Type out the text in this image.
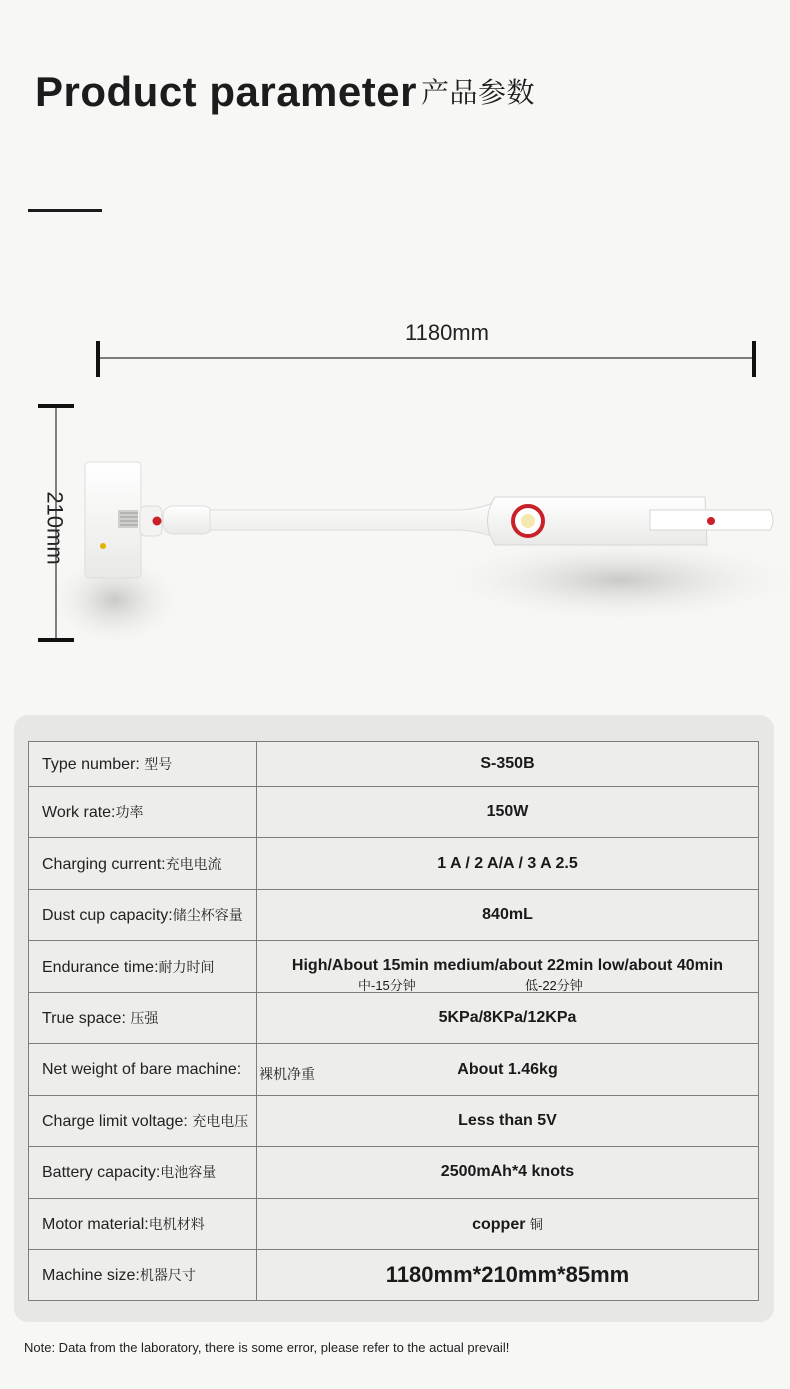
Product parameter 产品参数
1180mm
210mm
Type number: 型号	S-350B
Work rate:功率	150W
Charging current:充电电流	1 A / 2 A/A / 3 A 2.5
Dust cup capacity:储尘杯容量	840mL
Endurance time:耐力时间	High/About 15min medium/about 22min low/about 40min
中-15分钟 低-22分钟

True space: 压强	5KPa/8KPa/12KPa
Net weight of bare machine:	裸机净重 About 1.46kg
Charge limit voltage: 充电电压	Less than 5V
Battery capacity:电池容量	2500mAh*4 knots
Motor material:电机材料	copper 铜
Machine size:机器尺寸	1180mm*210mm*85mm
Note: Data from the laboratory, there is some error, please refer to the actual prevail!
